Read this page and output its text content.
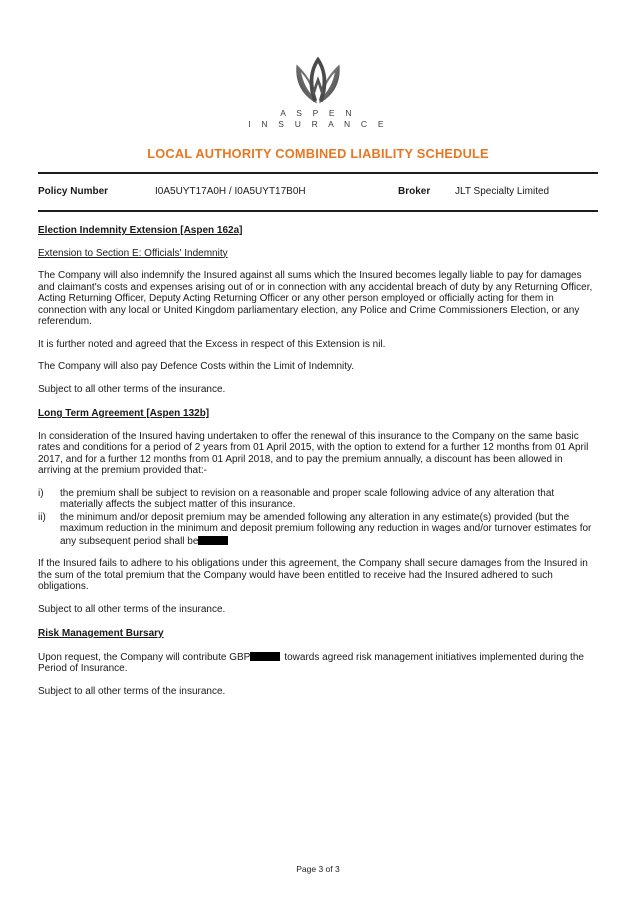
A S P E N
I N S U R A N C E
LOCAL AUTHORITY COMBINED LIABILITY SCHEDULE
Policy Number	I0A5UYT17A0H / I0A5UYT17B0H	Broker	JLT Specialty Limited
Election Indemnity Extension [Aspen 162a]
Extension to Section E: Officials' Indemnity

The Company will also indemnify the Insured against all sums which the Insured becomes legally liable to pay for damages and claimant's costs and expenses arising out of or in connection with any accidental breach of duty by any Returning Officer, Acting Returning Officer, Deputy Acting Returning Officer or any other person employed or officially acting for them in connection with any local or United Kingdom parliamentary election, any Police and Crime Commissioners Election, or any referendum.

It is further noted and agreed that the Excess in respect of this Extension is nil.

The Company will also pay Defence Costs within the Limit of Indemnity.

Subject to all other terms of the insurance.

Long Term Agreement [Aspen 132b]

In consideration of the Insured having undertaken to offer the renewal of this insurance to the Company on the same basic rates and conditions for a period of 2 years from 01 April 2015, with the option to extend for a further 12 months from 01 April 2017, and for a further 12 months from 01 April 2018, and to pay the premium annually, a discount has been allowed in arriving at the premium provided that:-

i)	the premium shall be subject to revision on a reasonable and proper scale following advice of any alteration that materially affects the subject matter of this insurance.
ii)	the minimum and/or deposit premium may be amended following any alteration in any estimate(s) provided (but the maximum reduction in the minimum and deposit premium following any reduction in wages and/or turnover estimates for any subsequent period shall be

If the Insured fails to adhere to his obligations under this agreement, the Company shall secure damages from the Insured in the sum of the total premium that the Company would have been entitled to receive had the Insured adhered to such obligations.

Subject to all other terms of the insurance.

Risk Management Bursary

Upon request, the Company will contribute GBP	towards agreed risk management initiatives implemented during the Period of Insurance.

Subject to all other terms of the insurance.

Page 3 of 3
